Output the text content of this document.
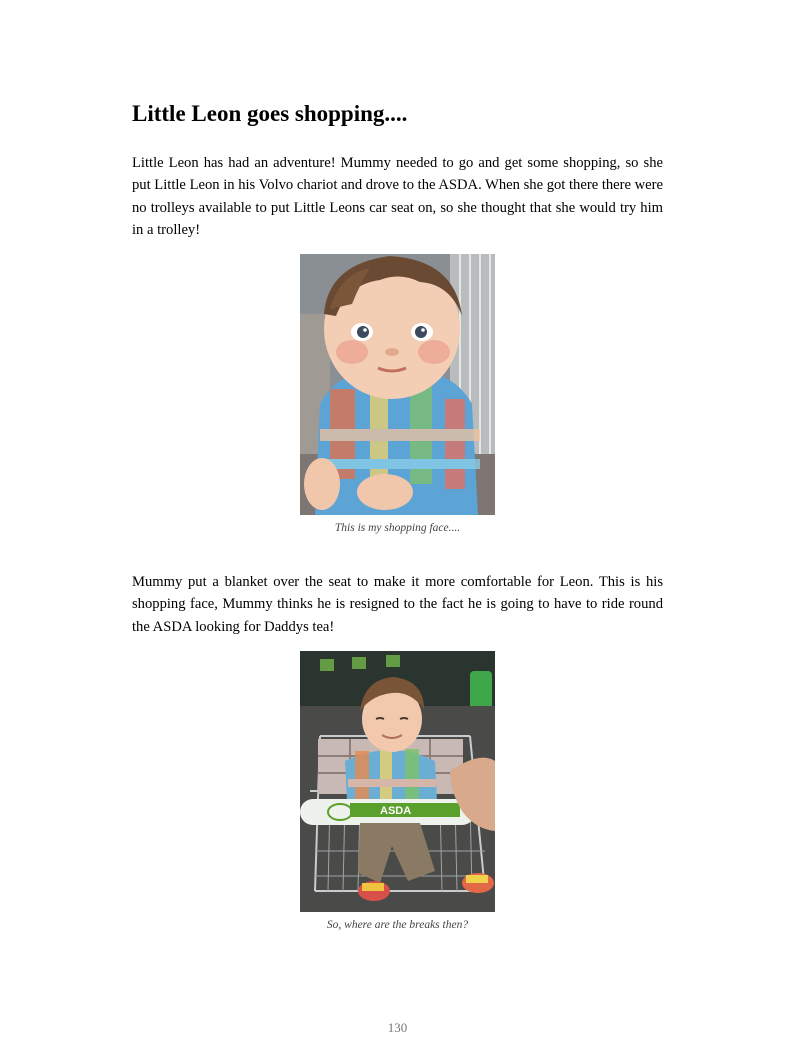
Little Leon goes shopping....

Little Leon has had an adventure! Mummy needed to go and get some shopping, so she put Little Leon in his Volvo chariot and drove to the ASDA. When she got there there were no trolleys available to put Little Leons car seat on, so she thought that she would try him in a trolley!

This is my shopping face....

Mummy put a blanket over the seat to make it more comfortable for Leon. This is his shopping face, Mummy thinks he is resigned to the fact he is going to have to ride round the ASDA looking for Daddys tea!

ASDA

So, where are the breaks then?

130
